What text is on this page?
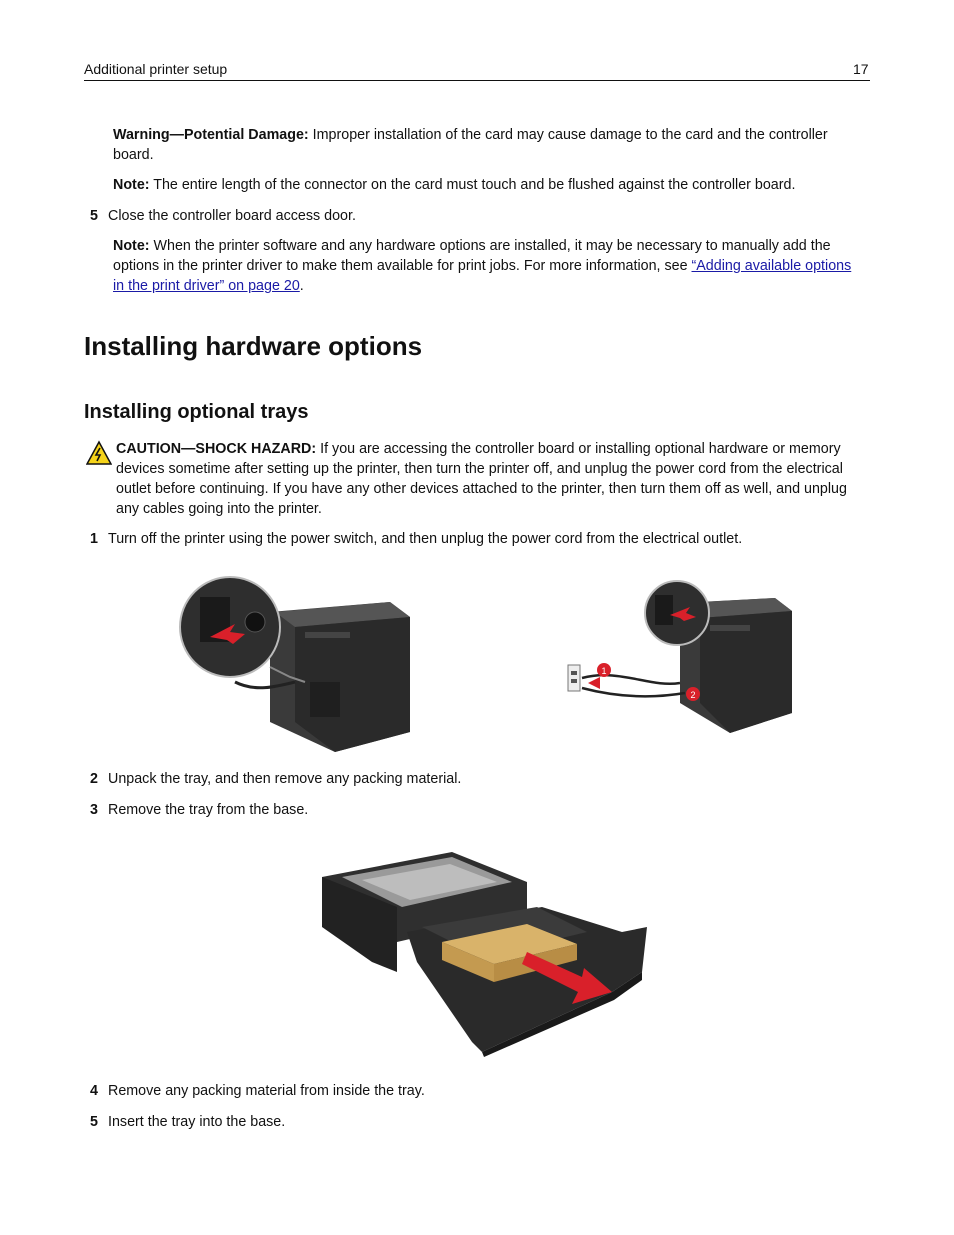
Additional printer setup	17
Warning—Potential Damage: Improper installation of the card may cause damage to the card and the controller board.
Note: The entire length of the connector on the card must touch and be flushed against the controller board.
5 Close the controller board access door.
Note: When the printer software and any hardware options are installed, it may be necessary to manually add the options in the printer driver to make them available for print jobs. For more information, see “Adding available options in the print driver” on page 20.
Installing hardware options
Installing optional trays
CAUTION—SHOCK HAZARD: If you are accessing the controller board or installing optional hardware or memory devices sometime after setting up the printer, then turn the printer off, and unplug the power cord from the electrical outlet before continuing. If you have any other devices attached to the printer, then turn them off as well, and unplug any cables going into the printer.
1 Turn off the printer using the power switch, and then unplug the power cord from the electrical outlet.
1
2
2 Unpack the tray, and then remove any packing material.
3 Remove the tray from the base.
4 Remove any packing material from inside the tray.
5 Insert the tray into the base.
